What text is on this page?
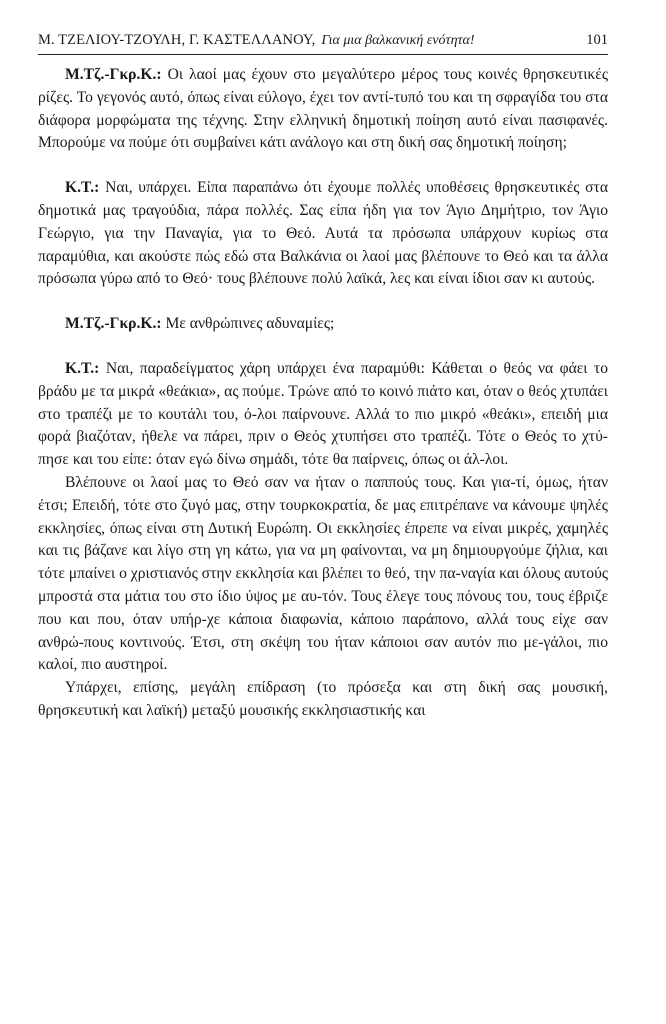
Μ. ΤΖΕΛΙΟΥ-ΤΖΟΥΛΗ, Γ. ΚΑΣΤΕΛΛΑΝΟΥ, Για μια βαλκανική ενότητα!	101

Μ.Τζ.-Γκρ.Κ.: Οι λαοί μας έχουν στο μεγαλύτερο μέρος τους κοινές θρησκευτικές ρίζες. Το γεγονός αυτό, όπως είναι εύλογο, έχει τον αντί-τυπό του και τη σφραγίδα του στα διάφορα μορφώματα της τέχνης. Στην ελληνική δημοτική ποίηση αυτό είναι πασιφανές. Μπορούμε να πούμε ότι συμβαίνει κάτι ανάλογο και στη δική σας δημοτική ποίηση;

Κ.Τ.: Ναι, υπάρχει. Είπα παραπάνω ότι έχουμε πολλές υποθέσεις θρησκευτικές στα δημοτικά μας τραγούδια, πάρα πολλές. Σας είπα ήδη για τον Άγιο Δημήτριο, τον Άγιο Γεώργιο, για την Παναγία, για το Θεό. Αυτά τα πρόσωπα υπάρχουν κυρίως στα παραμύθια, και ακούστε πώς εδώ στα Βαλκάνια οι λαοί μας βλέπουνε το Θεό και τα άλλα πρόσωπα γύρω από το Θεό· τους βλέπουνε πολύ λαϊκά, λες και είναι ίδιοι σαν κι αυτούς.

Μ.Τζ.-Γκρ.Κ.: Με ανθρώπινες αδυναμίες;

Κ.Τ.: Ναι, παραδείγματος χάρη υπάρχει ένα παραμύθι: Κάθεται ο θεός να φάει το βράδυ με τα μικρά «θεάκια», ας πούμε. Τρώνε από το κοινό πιάτο και, όταν ο θεός χτυπάει στο τραπέζι με το κουτάλι του, ό-λοι παίρνουνε. Αλλά το πιο μικρό «θεάκι», επειδή μια φορά βιαζόταν, ήθελε να πάρει, πριν ο Θεός χτυπήσει στο τραπέζι. Τότε ο Θεός το χτύ-πησε και του είπε: όταν εγώ δίνω σημάδι, τότε θα παίρνεις, όπως οι άλ-λοι.

Βλέπουνε οι λαοί μας το Θεό σαν να ήταν ο παππούς τους. Και για-τί, όμως, ήταν έτσι; Επειδή, τότε στο ζυγό μας, στην τουρκοκρατία, δε μας επιτρέπανε να κάνουμε ψηλές εκκλησίες, όπως είναι στη Δυτική Ευρώπη. Οι εκκλησίες έπρεπε να είναι μικρές, χαμηλές και τις βάζανε και λίγο στη γη κάτω, για να μη φαίνονται, να μη δημιουργούμε ζήλια, και τότε μπαίνει ο χριστιανός στην εκκλησία και βλέπει το θεό, την πα-ναγία και όλους αυτούς μπροστά στα μάτια του στο ίδιο ύψος με αυ-τόν. Τους έλεγε τους πόνους του, τους έβριζε που και που, όταν υπήρ-χε κάποια διαφωνία, κάποιο παράπονο, αλλά τους είχε σαν ανθρώ-πους κοντινούς. Έτσι, στη σκέψη του ήταν κάποιοι σαν αυτόν πιο με-γάλοι, πιο καλοί, πιο αυστηροί.

Υπάρχει, επίσης, μεγάλη επίδραση (το πρόσεξα και στη δική σας μουσική, θρησκευτική και λαϊκή) μεταξύ μουσικής εκκλησιαστικής και
